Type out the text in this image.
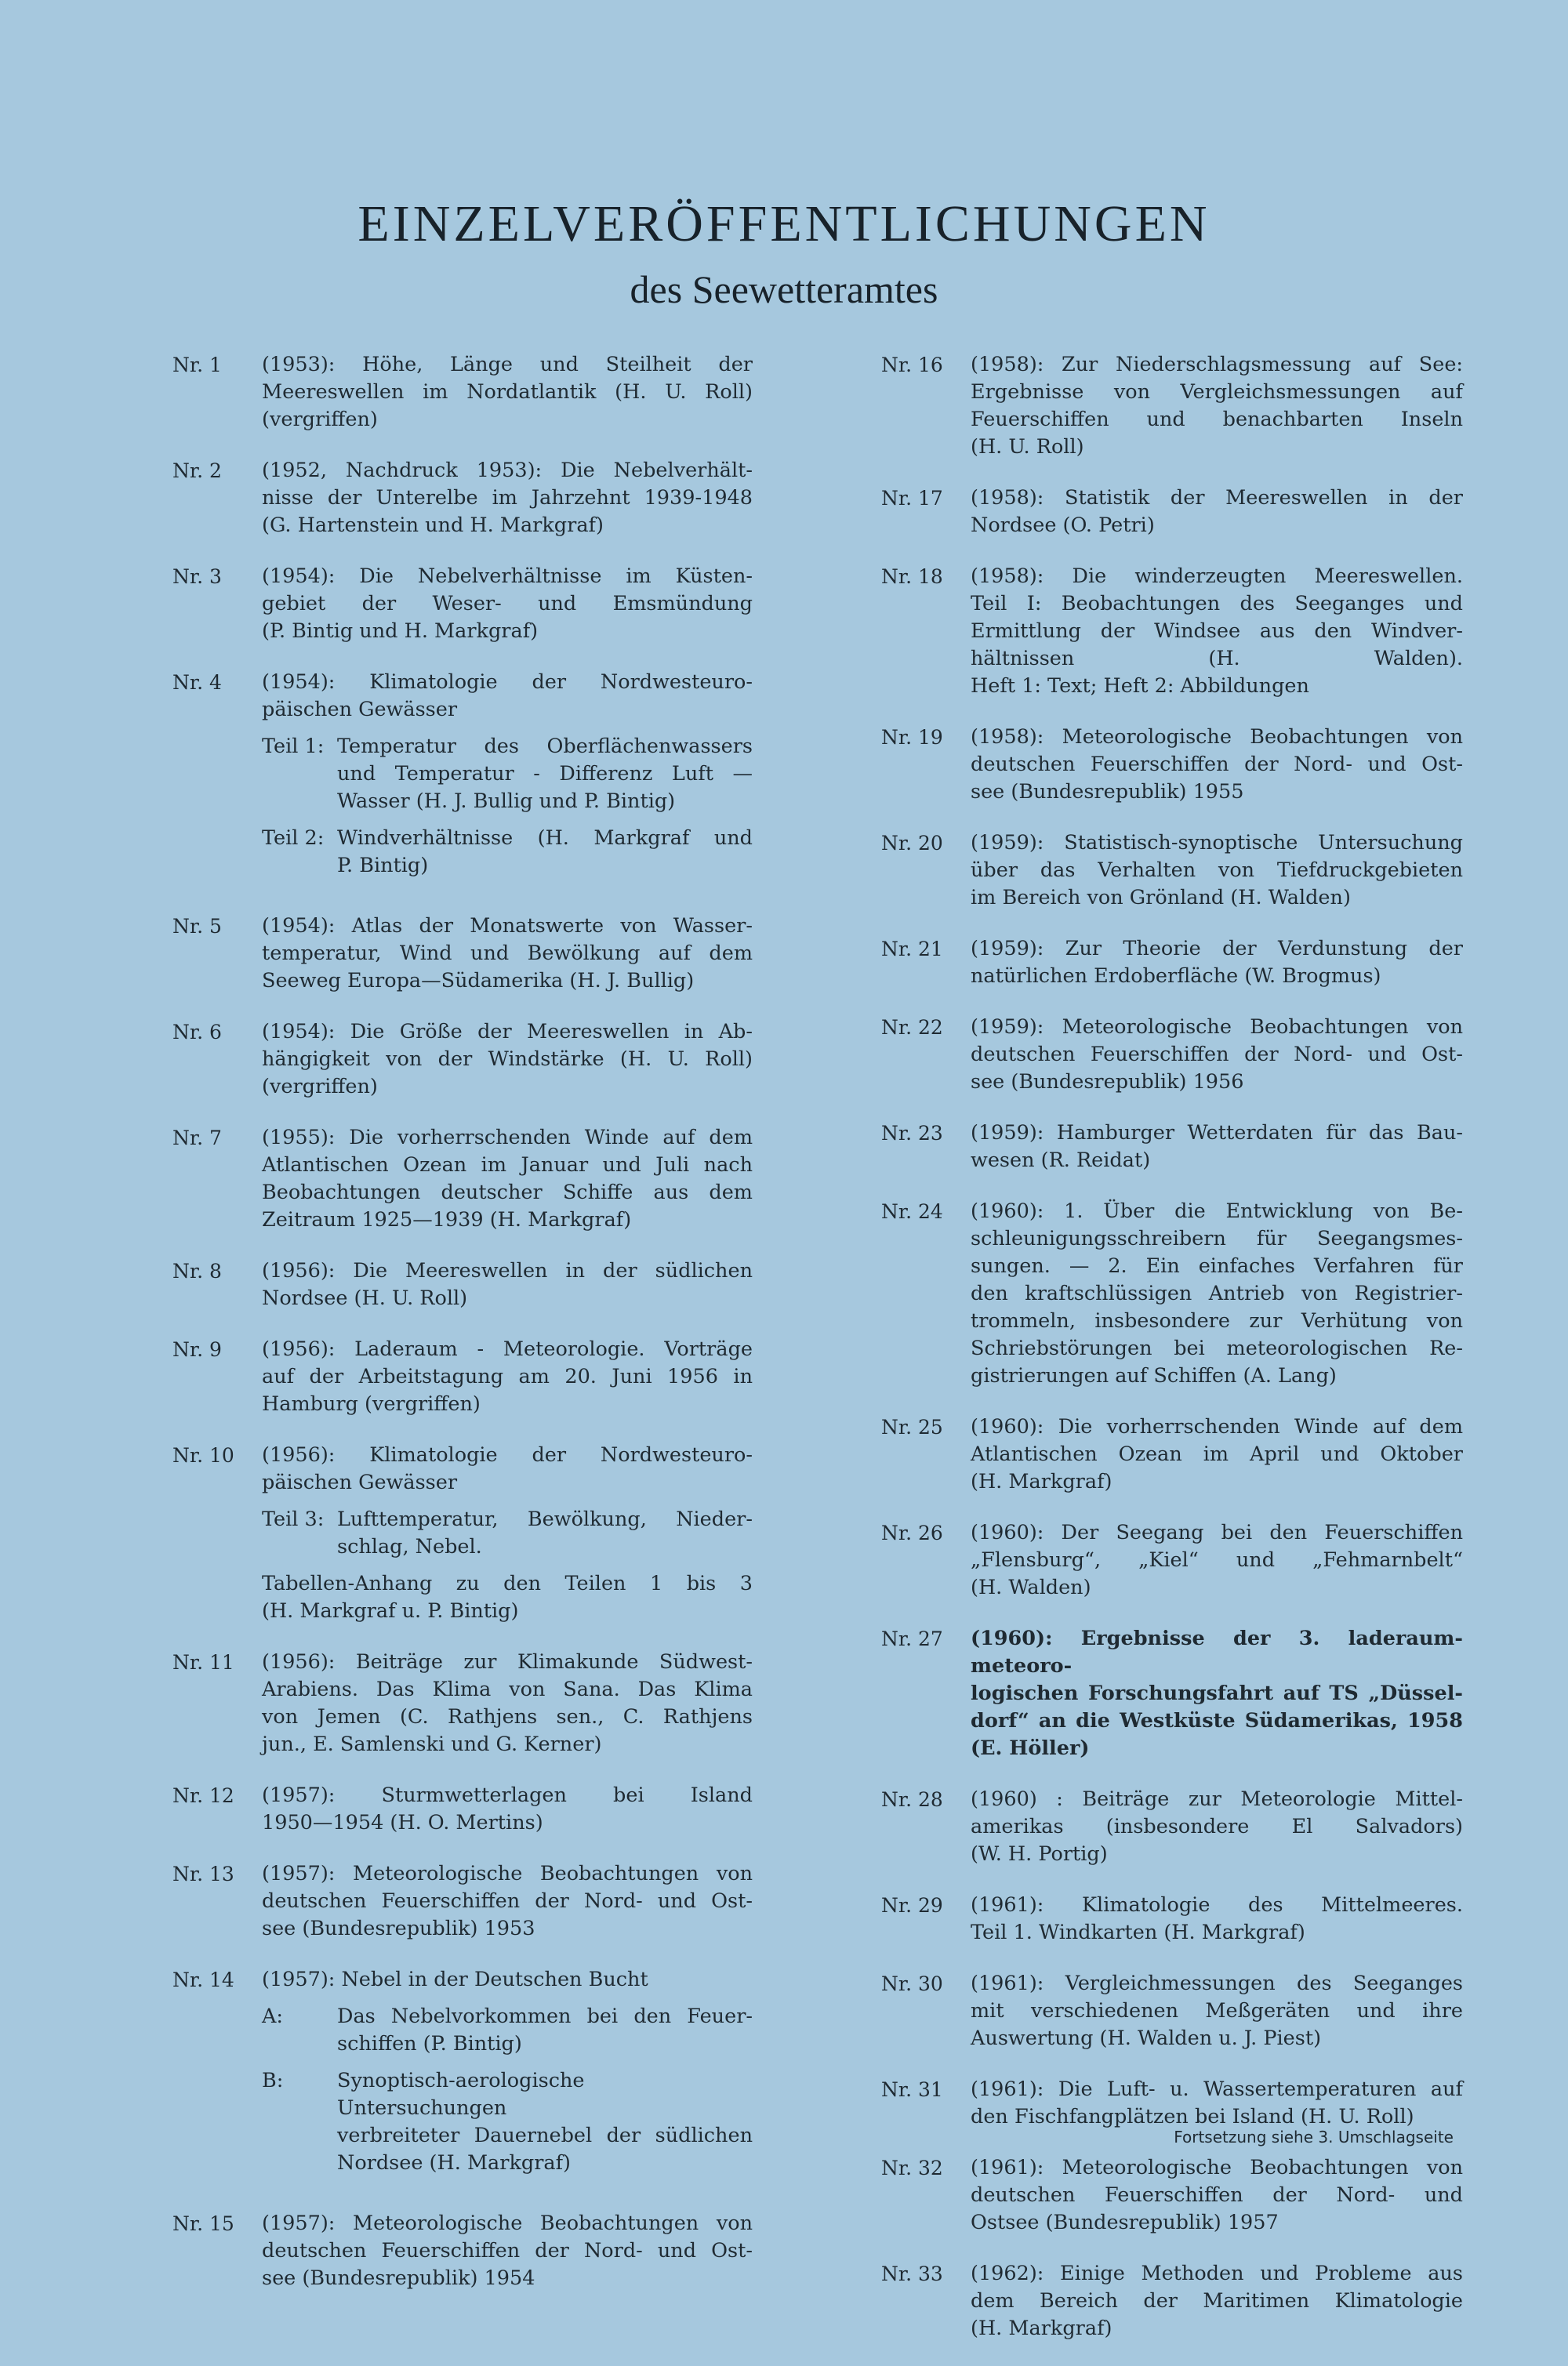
EINZELVERÖFFENTLICHUNGEN
des Seewetteramtes
Nr. 1	(1953): Höhe, Länge und Steilheit der
Meereswellen im Nordatlantik (H. U. Roll)
(vergriffen)
Nr. 2	(1952, Nachdruck 1953): Die Nebelverhält-
nisse der Unterelbe im Jahrzehnt 1939-1948
(G. Hartenstein und H. Markgraf)
Nr. 3	(1954): Die Nebelverhältnisse im Küsten-
gebiet der Weser- und Emsmündung
(P. Bintig und H. Markgraf)
Nr. 4	(1954): Klimatologie der Nordwesteuro-
päischen Gewässer
Teil 1: Temperatur des Oberflächenwassers
und Temperatur - Differenz Luft —
Wasser (H. J. Bullig und P. Bintig)
Teil 2: Windverhältnisse (H. Markgraf und
P. Bintig)
Nr. 5	(1954): Atlas der Monatswerte von Wasser-
temperatur, Wind und Bewölkung auf dem
Seeweg Europa—Südamerika (H. J. Bullig)
Nr. 6	(1954): Die Größe der Meereswellen in Ab-
hängigkeit von der Windstärke (H. U. Roll)
(vergriffen)
Nr. 7	(1955): Die vorherrschenden Winde auf dem
Atlantischen Ozean im Januar und Juli nach
Beobachtungen deutscher Schiffe aus dem
Zeitraum 1925—1939 (H. Markgraf)
Nr. 8	(1956): Die Meereswellen in der südlichen
Nordsee (H. U. Roll)
Nr. 9	(1956): Laderaum - Meteorologie. Vorträge
auf der Arbeitstagung am 20. Juni 1956 in
Hamburg (vergriffen)
Nr. 10	(1956): Klimatologie der Nordwesteuro-
päischen Gewässer
Teil 3: Lufttemperatur, Bewölkung, Nieder-
schlag, Nebel.
Tabellen-Anhang zu den Teilen 1 bis 3
(H. Markgraf u. P. Bintig)
Nr. 11	(1956): Beiträge zur Klimakunde Südwest-
Arabiens. Das Klima von Sana. Das Klima
von Jemen (C. Rathjens sen., C. Rathjens
jun., E. Samlenski und G. Kerner)
Nr. 12	(1957): Sturmwetterlagen bei Island
1950—1954 (H. O. Mertins)
Nr. 13	(1957): Meteorologische Beobachtungen von
deutschen Feuerschiffen der Nord- und Ost-
see (Bundesrepublik) 1953
Nr. 14	(1957): Nebel in der Deutschen Bucht
A:	Das Nebelvorkommen bei den Feuer-
schiffen (P. Bintig)
B:	Synoptisch-aerologische Untersuchungen
verbreiteter Dauernebel der südlichen
Nordsee (H. Markgraf)
Nr. 15	(1957): Meteorologische Beobachtungen von
deutschen Feuerschiffen der Nord- und Ost-
see (Bundesrepublik) 1954
Nr. 16	(1958): Zur Niederschlagsmessung auf See:
Ergebnisse von Vergleichsmessungen auf
Feuerschiffen und benachbarten Inseln
(H. U. Roll)
Nr. 17	(1958): Statistik der Meereswellen in der
Nordsee (O. Petri)
Nr. 18	(1958): Die winderzeugten Meereswellen.
Teil I: Beobachtungen des Seeganges und
Ermittlung der Windsee aus den Windver-
hältnissen (H. Walden).
Heft 1: Text; Heft 2: Abbildungen
Nr. 19	(1958): Meteorologische Beobachtungen von
deutschen Feuerschiffen der Nord- und Ost-
see (Bundesrepublik) 1955
Nr. 20	(1959): Statistisch-synoptische Untersuchung
über das Verhalten von Tiefdruckgebieten
im Bereich von Grönland (H. Walden)
Nr. 21	(1959): Zur Theorie der Verdunstung der
natürlichen Erdoberfläche (W. Brogmus)
Nr. 22	(1959): Meteorologische Beobachtungen von
deutschen Feuerschiffen der Nord- und Ost-
see (Bundesrepublik) 1956
Nr. 23	(1959): Hamburger Wetterdaten für das Bau-
wesen (R. Reidat)
Nr. 24	(1960): 1. Über die Entwicklung von Be-
schleunigungsschreibern für Seegangsmes-
sungen. — 2. Ein einfaches Verfahren für
den kraftschlüssigen Antrieb von Registrier-
trommeln, insbesondere zur Verhütung von
Schriebstörungen bei meteorologischen Re-
gistrierungen auf Schiffen (A. Lang)
Nr. 25	(1960): Die vorherrschenden Winde auf dem
Atlantischen Ozean im April und Oktober
(H. Markgraf)
Nr. 26	(1960): Der Seegang bei den Feuerschiffen
„Flensburg“, „Kiel“ und „Fehmarnbelt“
(H. Walden)
Nr. 27	(1960): Ergebnisse der 3. laderaum-meteoro-
logischen Forschungsfahrt auf TS „Düssel-
dorf“ an die Westküste Südamerikas, 1958
(E. Höller)
Nr. 28	(1960) : Beiträge zur Meteorologie Mittel-
amerikas (insbesondere El Salvadors)
(W. H. Portig)
Nr. 29	(1961): Klimatologie des Mittelmeeres.
Teil 1. Windkarten (H. Markgraf)
Nr. 30	(1961): Vergleichmessungen des Seeganges
mit verschiedenen Meßgeräten und ihre
Auswertung (H. Walden u. J. Piest)
Nr. 31	(1961): Die Luft- u. Wassertemperaturen auf
den Fischfangplätzen bei Island (H. U. Roll)
Nr. 32	(1961): Meteorologische Beobachtungen von
deutschen Feuerschiffen der Nord- und
Ostsee (Bundesrepublik) 1957
Nr. 33	(1962): Einige Methoden und Probleme aus
dem Bereich der Maritimen Klimatologie
(H. Markgraf)
Fortsetzung siehe 3. Umschlagseite
